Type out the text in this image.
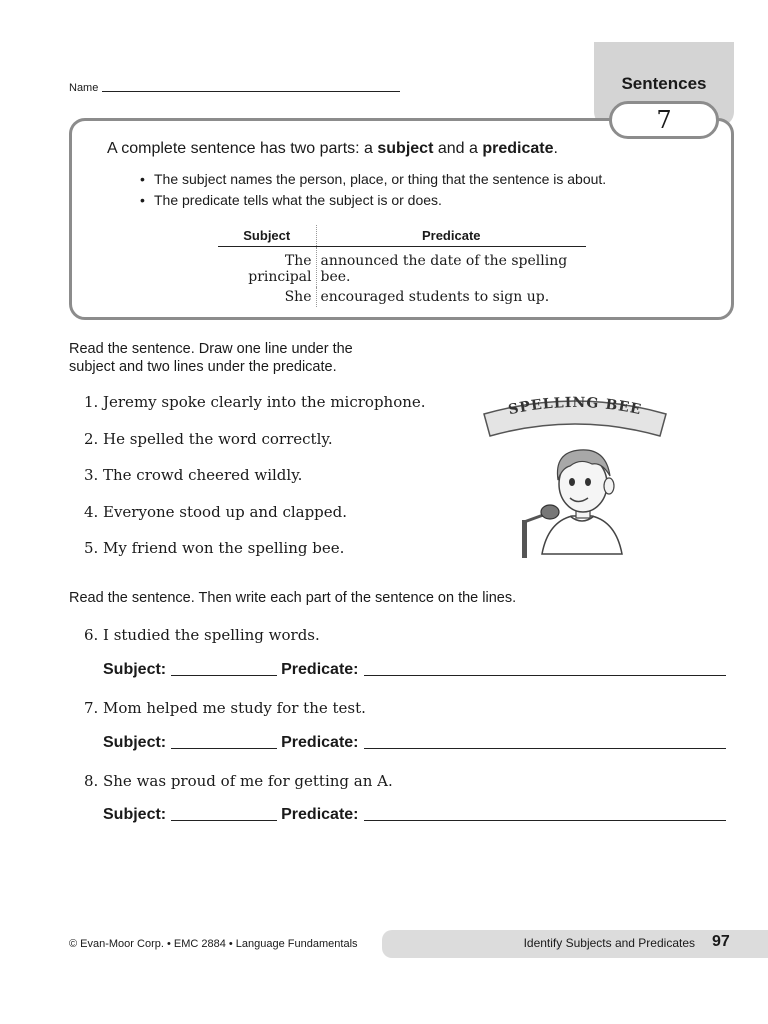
Name	Sentences
7
A complete sentence has two parts: a subject and a predicate.
• The subject names the person, place, or thing that the sentence is about.
• The predicate tells what the subject is or does.
Subject	Predicate
The principal	announced the date of the spelling bee.
She	encouraged students to sign up.
Read the sentence. Draw one line under the
subject and two lines under the predicate.
1. Jeremy spoke clearly into the microphone.
2. He spelled the word correctly.
3. The crowd cheered wildly.
4. Everyone stood up and clapped.
5. My friend won the spelling bee.
SPELLING BEE
Read the sentence. Then write each part of the sentence on the lines.
6. I studied the spelling words.
Subject:	Predicate:
7. Mom helped me study for the test.
Subject:	Predicate:
8. She was proud of me for getting an A.
Subject:	Predicate:
© Evan-Moor Corp. • EMC 2884 • Language Fundamentals	Identify Subjects and Predicates 97
